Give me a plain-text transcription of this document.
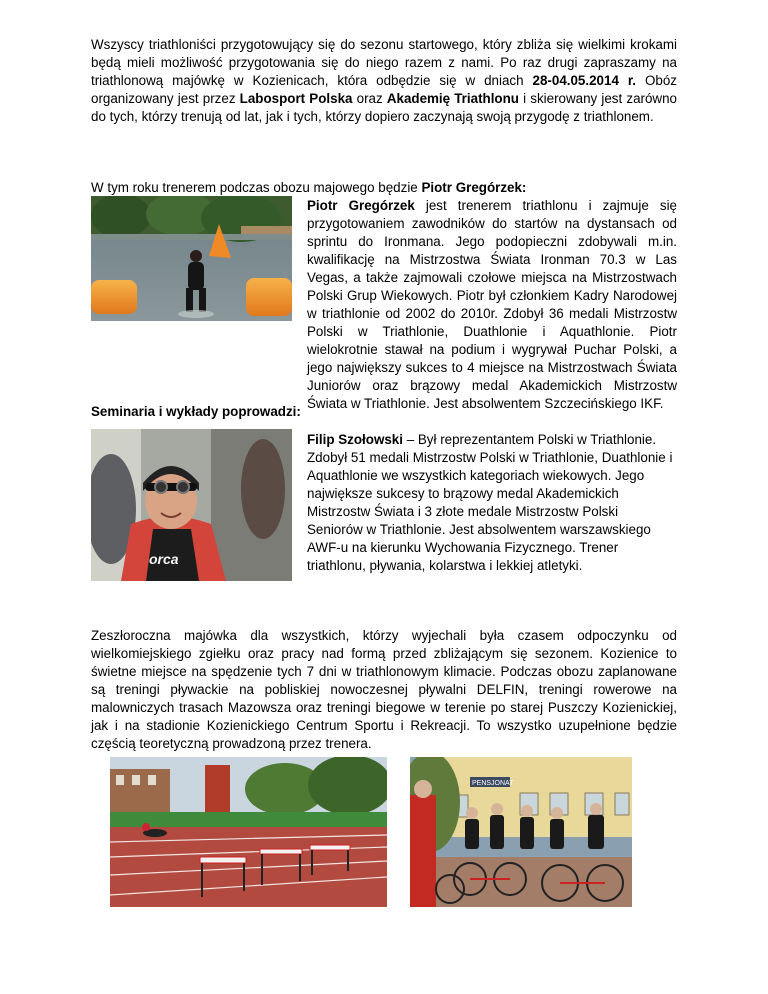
Wszyscy triathloniści przygotowujący się do sezonu startowego, który zbliża się wielkimi krokami będą mieli możliwość przygotowania się do niego razem z nami. Po raz drugi zapraszamy na triathlonową majówkę w Kozienicach, która odbędzie się w dniach 28-04.05.2014 r. Obóz organizowany jest przez Labosport Polska oraz Akademię Triathlonu i skierowany jest zarówno do tych, którzy trenują od lat, jak i tych, którzy dopiero zaczynają swoją przygodę z triathlonem.

W tym roku trenerem podczas obozu majowego będzie Piotr Gregórzek:

Piotr Gregórzek jest trenerem triathlonu i zajmuje się przygotowaniem zawodników do startów na dystansach od sprintu do Ironmana. Jego podopieczni zdobywali m.in. kwalifikację na Mistrzostwa Świata Ironman 70.3 w Las Vegas, a także zajmowali czołowe miejsca na Mistrzostwach Polski Grup Wiekowych. Piotr był członkiem Kadry Narodowej w triathlonie od 2002 do 2010r. Zdobył 36 medali Mistrzostw Polski w Triathlonie, Duathlonie i Aquathlonie. Piotr wielokrotnie stawał na podium i wygrywał Puchar Polski, a jego największy sukces to 4 miejsce na Mistrzostwach Świata Juniorów oraz brązowy medal Akademickich Mistrzostw Świata w Triathlonie. Jest absolwentem Szczecińskiego IKF.

Seminaria i wykłady poprowadzi:

orca

Filip Szołowski – Był reprezentantem Polski w Triathlonie. Zdobył 51 medali Mistrzostw Polski w Triathlonie, Duathlonie i Aquathlonie we wszystkich kategoriach wiekowych. Jego największe sukcesy to brązowy medal Akademickich Mistrzostw Świata i 3 złote medale Mistrzostw Polski Seniorów w Triathlonie. Jest absolwentem warszawskiego AWF-u na kierunku Wychowania Fizycznego. Trener triathlonu, pływania, kolarstwa i lekkiej atletyki.

Zeszłoroczna majówka dla wszystkich, którzy wyjechali była czasem odpoczynku od wielkomiejskiego zgiełku oraz pracy nad formą przed zbliżającym się sezonem. Kozienice to świetne miejsce na spędzenie tych 7 dni w triathlonowym klimacie. Podczas obozu zaplanowane są treningi pływackie na pobliskiej nowoczesnej pływalni DELFIN, treningi rowerowe na malowniczych trasach Mazowsza oraz treningi biegowe w terenie po starej Puszczy Kozienickiej, jak i na stadionie Kozienickiego Centrum Sportu i Rekreacji. To wszystko uzupełnione będzie częścią teoretyczną prowadzoną przez trenera.

PENSJONAT
